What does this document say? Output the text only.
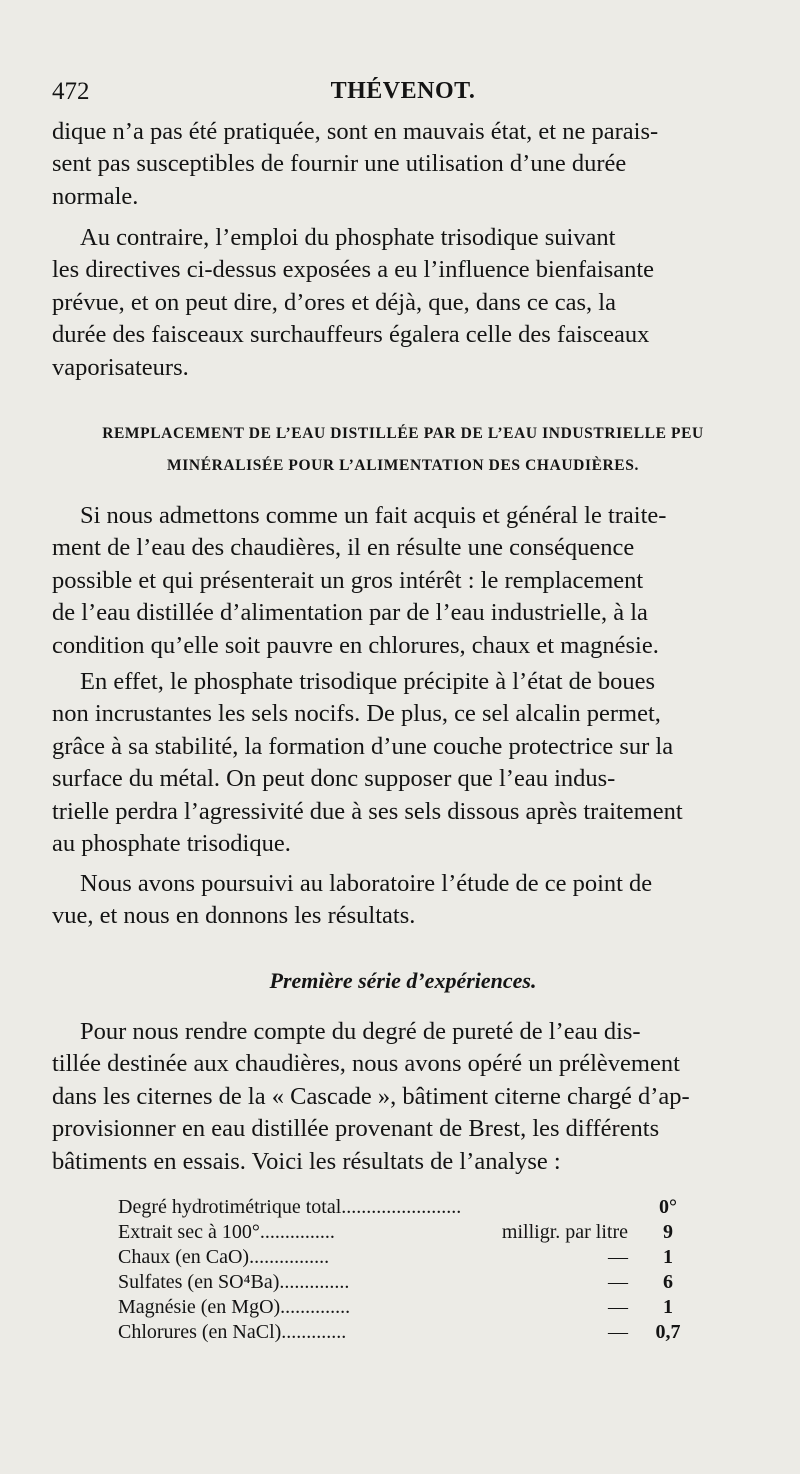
472	THÉVENOT.

dique n’a pas été pratiquée, sont en mauvais état, et ne parais-
sent pas susceptibles de fournir une utilisation d’une durée
normale.

Au contraire, l’emploi du phosphate trisodique suivant
les directives ci-dessus exposées a eu l’influence bienfaisante
prévue, et on peut dire, d’ores et déjà, que, dans ce cas, la
durée des faisceaux surchauffeurs égalera celle des faisceaux
vaporisateurs.

REMPLACEMENT DE L’EAU DISTILLÉE PAR DE L’EAU INDUSTRIELLE PEU
MINÉRALISÉE POUR L’ALIMENTATION DES CHAUDIÈRES.

Si nous admettons comme un fait acquis et général le traite-
ment de l’eau des chaudières, il en résulte une conséquence
possible et qui présenterait un gros intérêt : le remplacement
de l’eau distillée d’alimentation par de l’eau industrielle, à la
condition qu’elle soit pauvre en chlorures, chaux et magnésie.

En effet, le phosphate trisodique précipite à l’état de boues
non incrustantes les sels nocifs. De plus, ce sel alcalin permet,
grâce à sa stabilité, la formation d’une couche protectrice sur la
surface du métal. On peut donc supposer que l’eau indus-
trielle perdra l’agressivité due à ses sels dissous après traitement
au phosphate trisodique.

Nous avons poursuivi au laboratoire l’étude de ce point de
vue, et nous en donnons les résultats.

Première série d’expériences.

Pour nous rendre compte du degré de pureté de l’eau dis-
tillée destinée aux chaudières, nous avons opéré un prélèvement
dans les citernes de la « Cascade », bâtiment citerne chargé d’ap-
provisionner en eau distillée provenant de Brest, les différents
bâtiments en essais. Voici les résultats de l’analyse :

Degré hydrotimétrique total........................	0°
Extrait sec à 100°...............	milligr. par litre	9
Chaux (en CaO)................	—	1
Sulfates (en SO⁴Ba)..............	—	6
Magnésie (en MgO)..............	—	1
Chlorures (en NaCl).............	—	0,7
